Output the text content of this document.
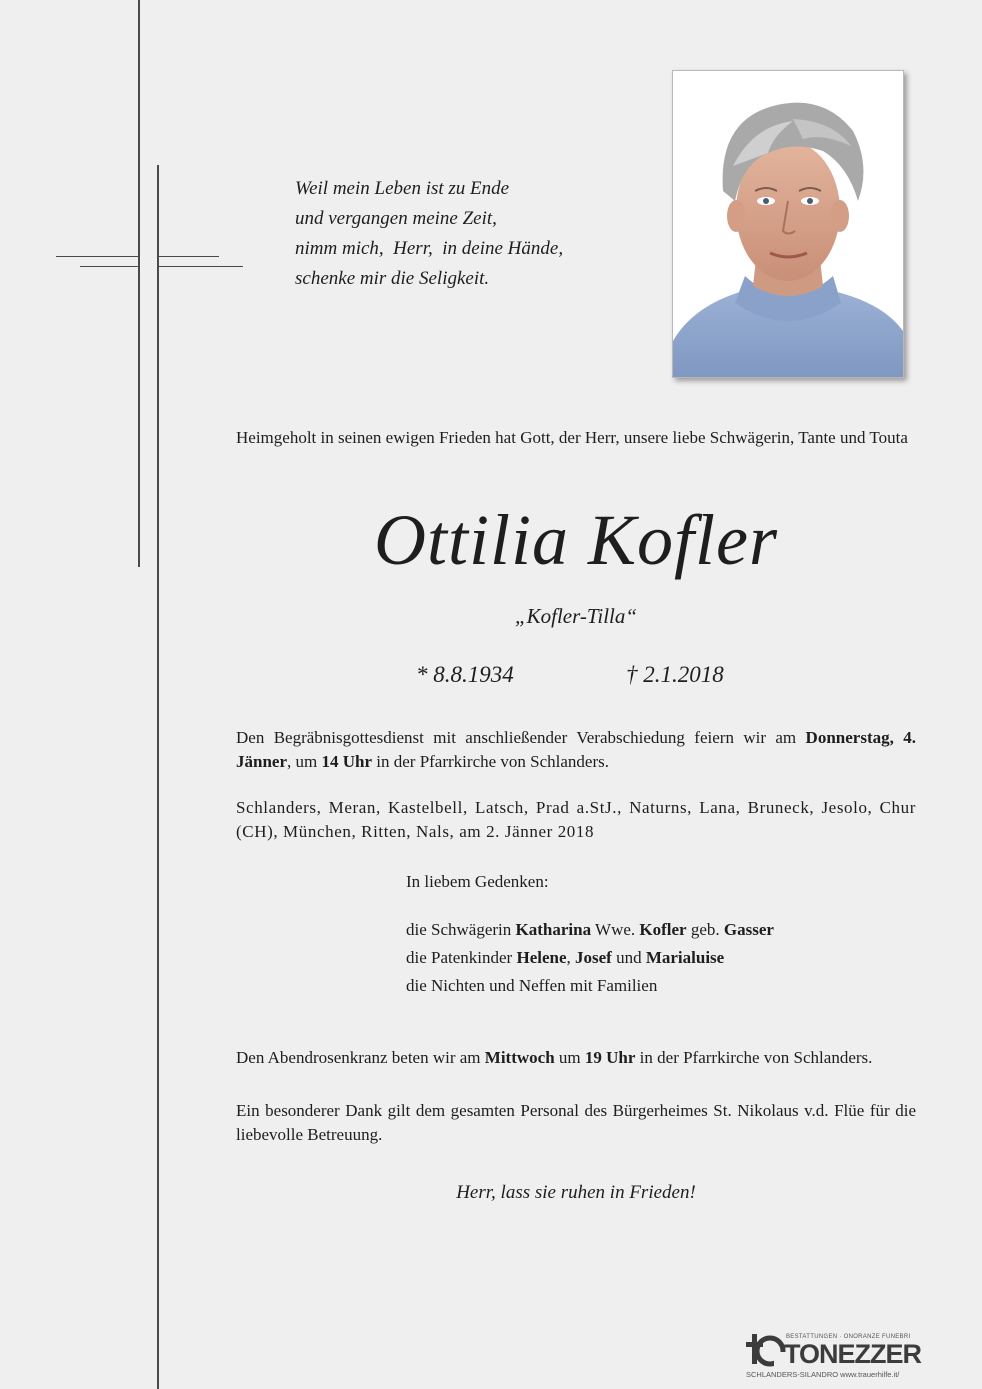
Weil mein Leben ist zu Ende
und vergangen meine Zeit,
nimm mich,  Herr,  in deine Hände,
schenke mir die Seligkeit.
Heimgeholt in seinen ewigen Frieden hat Gott, der Herr, unsere liebe Schwägerin, Tante und Touta
Ottilia Kofler
„Kofler-Tilla“
* 8.8.1934	† 2.1.2018
Den Begräbnisgottesdienst mit anschließender Verabschiedung feiern wir am Donnerstag, 4. Jänner, um 14 Uhr in der Pfarrkirche von Schlanders.
Schlanders, Meran, Kastelbell, Latsch, Prad a.StJ., Naturns, Lana, Bruneck, Jesolo, Chur (CH), München, Ritten, Nals, am 2. Jänner 2018
In liebem Gedenken:
die Schwägerin Katharina Wwe. Kofler geb. Gasser
die Patenkinder Helene, Josef und Marialuise
die Nichten und Neffen mit Familien
Den Abendrosenkranz beten wir am Mittwoch um 19 Uhr in der Pfarrkirche von Schlanders.
Ein besonderer Dank gilt dem gesamten Personal des Bürgerheimes St. Nikolaus v.d. Flüe für die liebevolle Betreuung.
Herr, lass sie ruhen in Frieden!
BESTATTUNGEN · ONORANZE FUNEBRI
TONEZZER
SCHLANDERS-SILANDRO www.trauerhilfe.it/
